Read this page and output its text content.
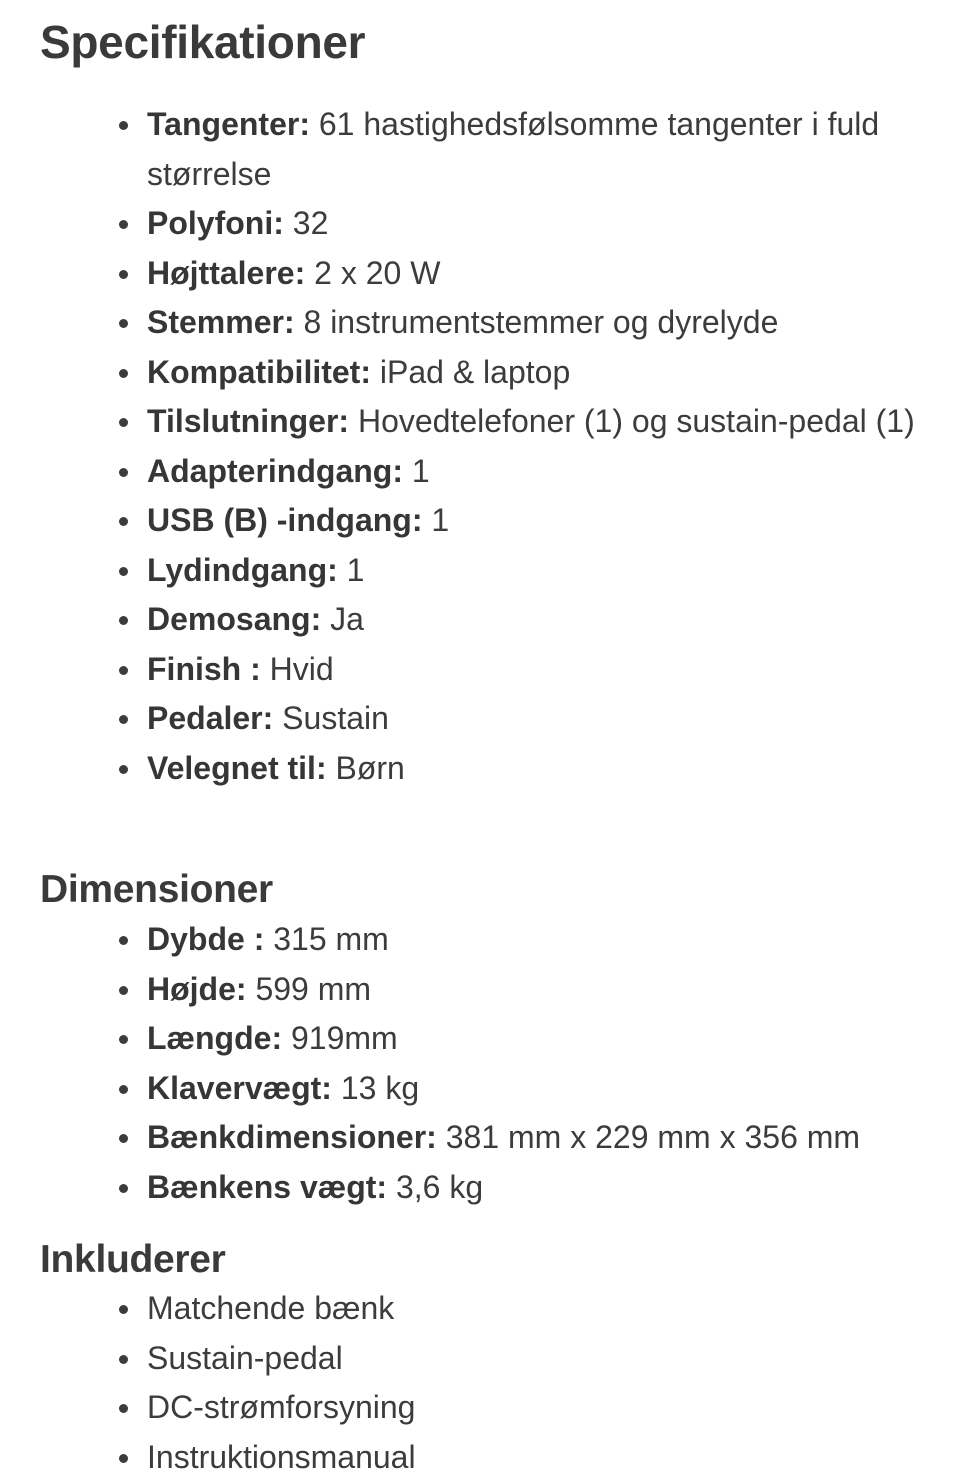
Specifikationer
Tangenter: 61 hastighedsfølsomme tangenter i fuld størrelse
Polyfoni: 32
Højttalere: 2 x 20 W
Stemmer: 8 instrumentstemmer og dyrelyde
Kompatibilitet: iPad & laptop
Tilslutninger: Hovedtelefoner (1) og sustain-pedal (1)
Adapterindgang: 1
USB (B) -indgang: 1
Lydindgang: 1
Demosang: Ja
Finish : Hvid
Pedaler: Sustain
Velegnet til: Børn
Dimensioner
Dybde : 315 mm
Højde: 599 mm
Længde: 919mm
Klavervægt: 13 kg
Bænkdimensioner: 381 mm x 229 mm x 356 mm
Bænkens vægt: 3,6 kg
Inkluderer
Matchende bænk
Sustain-pedal
DC-strømforsyning
Instruktionsmanual
